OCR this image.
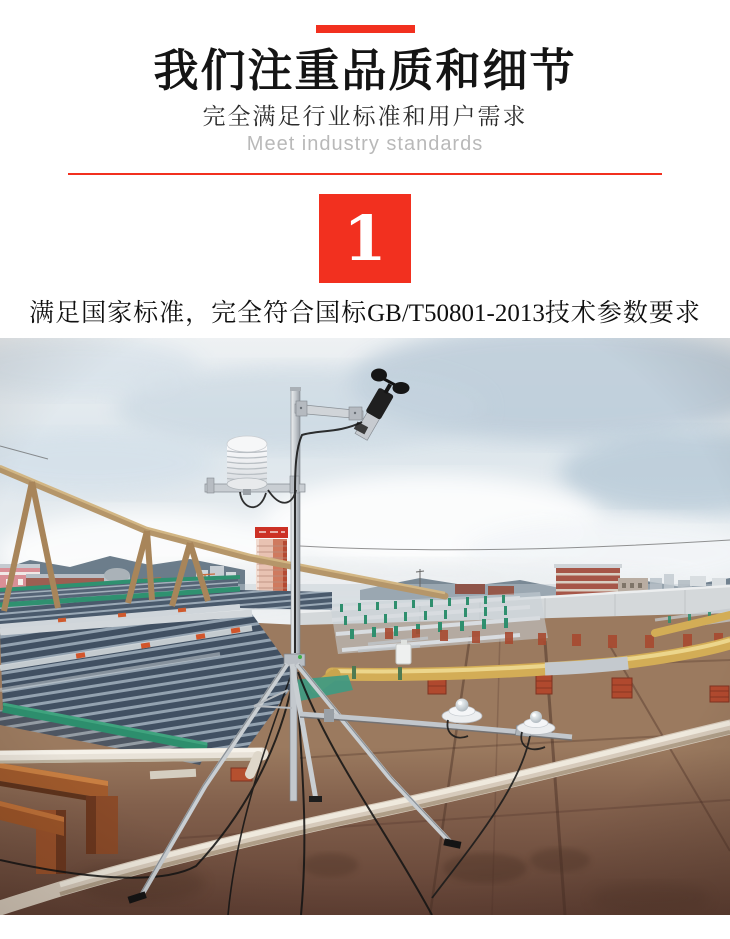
我们注重品质和细节
完全满足行业标准和用户需求
Meet industry standards
1
满足国家标准，完全符合国标GB/T50801-2013技术参数要求
